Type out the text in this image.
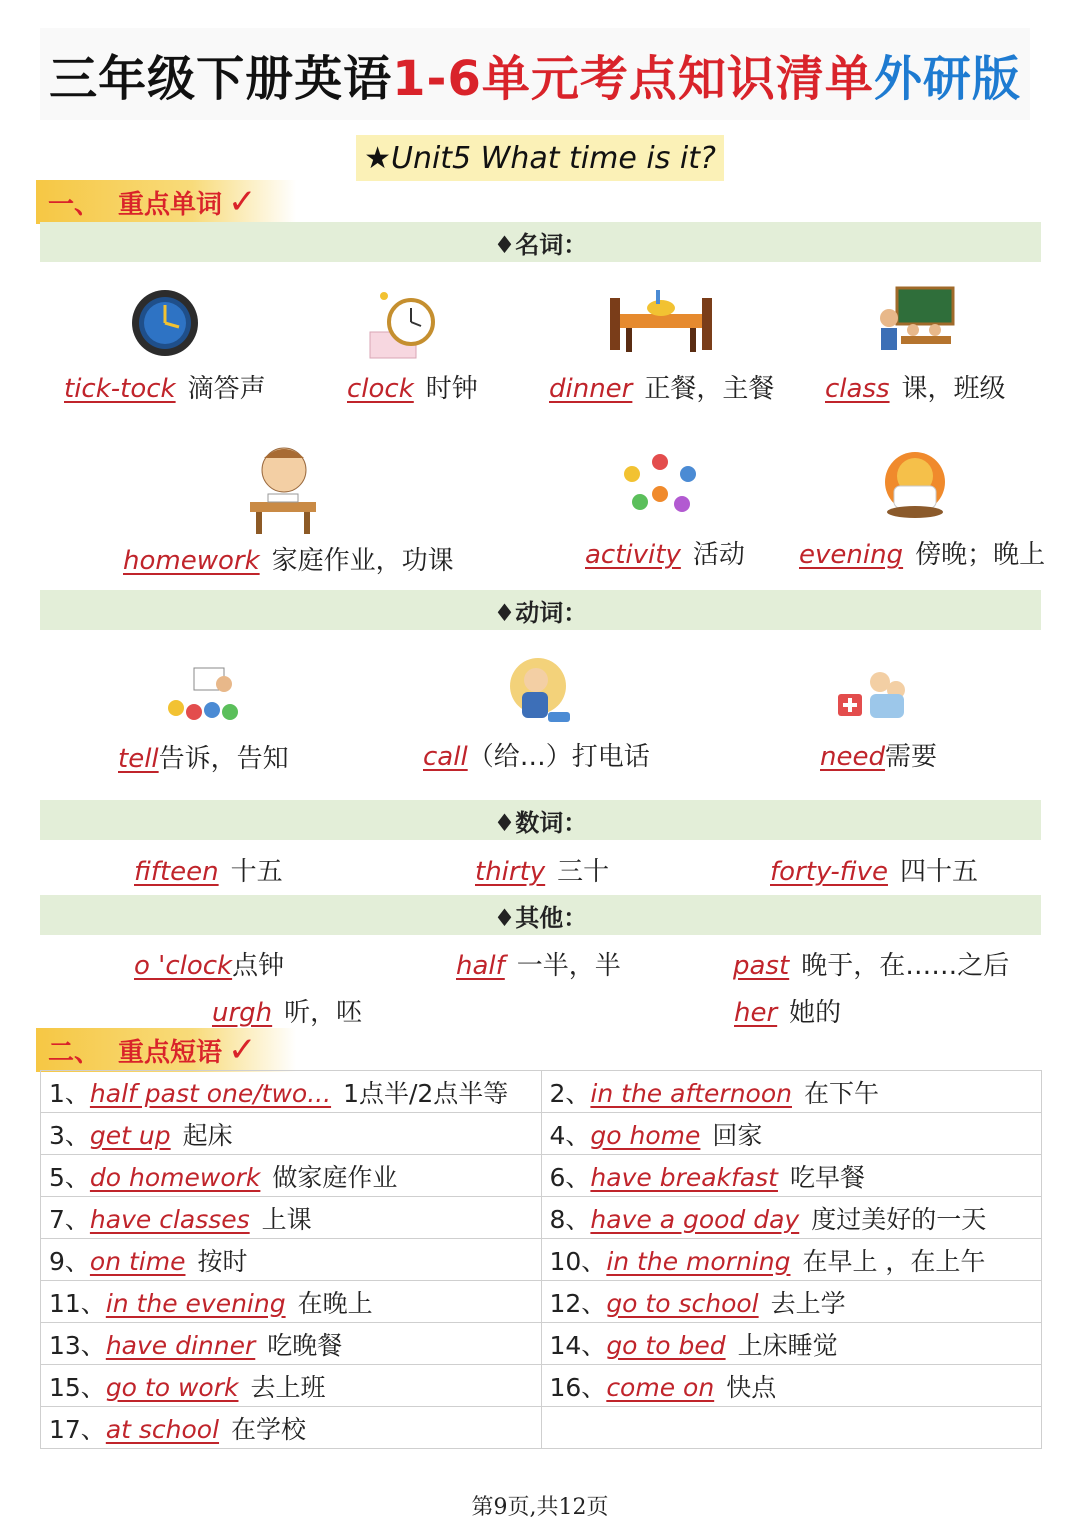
三年级下册英语 1-6单元考点知识清单 外研版
★Unit5 What time is it?
一、 重点单词 ✓
♦名词：
tick-tock 滴答声	clock 时钟	dinner 正餐，主餐 class 课，班级
homework 家庭作业，功课	activity 活动 evening 傍晚；晚上
♦动词：
tell 告诉，告知	call （给…）打电话	need 需要
♦数词：
fifteen 十五	thirty 三十	forty-five 四十五
♦其他：
o 'clock 点钟	half 一半，半	past 晚于，在……之后
urgh 听，呸	her 她的
二、 重点短语 ✓
1、half past one/two... 1点半/2点半等	2、in the afternoon 在下午
3、get up 起床	4、go home 回家
5、do homework 做家庭作业	6、have breakfast 吃早餐
7、have classes 上课	8、have a good day 度过美好的一天
9、on time 按时	10、in the morning 在早上 ，在上午
11、in the evening 在晚上	12、go to school 去上学
13、have dinner 吃晚餐	14、go to bed 上床睡觉
15、go to work 去上班	16、come on 快点
17、at school 在学校	
第9页,共12页
